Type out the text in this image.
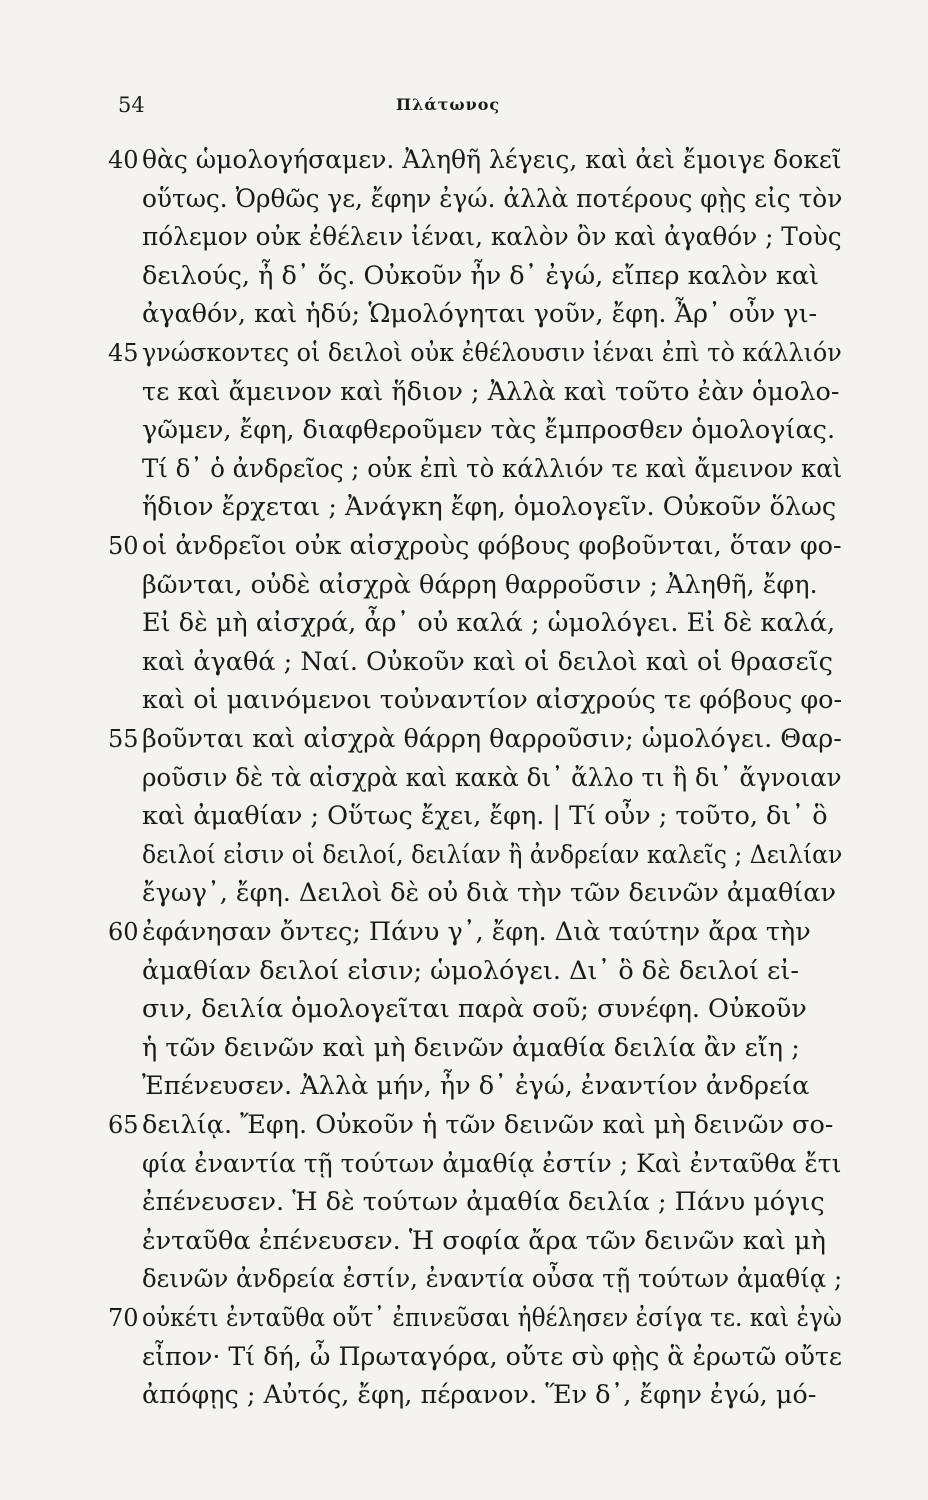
54	Πλάτωνος
40 θὰς ὡμολογήσαμεν. Ἀληθῆ λέγεις, καὶ ἀεὶ ἔμοιγε δοκεῖ
οὕτως. Ὀρθῶς γε, ἔφην ἐγώ. ἀλλὰ ποτέρους φῂς εἰς τὸν
πόλεμον οὐκ ἐθέλειν ἰέναι, καλὸν ὂν καὶ ἀγαθόν ; Τοὺς
δειλούς, ἦ δ᾽ ὅς. Οὐκοῦν ἦν δ᾽ ἐγώ, εἴπερ καλὸν καὶ
ἀγαθόν, καὶ ἡδύ; Ὡμολόγηται γοῦν, ἔφη. Ἆρ᾽ οὖν γι-
45 γνώσκοντες οἱ δειλοὶ οὐκ ἐθέλουσιν ἰέναι ἐπὶ τὸ κάλλιόν
τε καὶ ἄμεινον καὶ ἥδιον ; Ἀλλὰ καὶ τοῦτο ἐὰν ὁμολο-
γῶμεν, ἔφη, διαφθεροῦμεν τὰς ἔμπροσθεν ὁμολογίας.
Τί δ᾽ ὁ ἀνδρεῖος ; οὐκ ἐπὶ τὸ κάλλιόν τε καὶ ἄμεινον καὶ
ἥδιον ἔρχεται ; Ἀνάγκη ἔφη, ὁμολογεῖν. Οὐκοῦν ὅλως
50 οἱ ἀνδρεῖοι οὐκ αἰσχροὺς φόβους φοβοῦνται, ὅταν φο-
βῶνται, οὐδὲ αἰσχρὰ θάρρη θαρροῦσιν ; Ἀληθῆ, ἔφη.
Εἰ δὲ μὴ αἰσχρά, ἆρ᾽ οὐ καλά ; ὡμολόγει. Εἰ δὲ καλά,
καὶ ἀγαθά ; Ναί. Οὐκοῦν καὶ οἱ δειλοὶ καὶ οἱ θρασεῖς
καὶ οἱ μαινόμενοι τοὐναντίον αἰσχρούς τε φόβους φο-
55 βοῦνται καὶ αἰσχρὰ θάρρη θαρροῦσιν; ὡμολόγει. Θαρ-
ροῦσιν δὲ τὰ αἰσχρὰ καὶ κακὰ δι᾽ ἄλλο τι ἢ δι᾽ ἄγνοιαν
καὶ ἀμαθίαν ; Οὕτως ἔχει, ἔφη. | Τί οὖν ; τοῦτο, δι᾽ ὃ
δειλοί εἰσιν οἱ δειλοί, δειλίαν ἢ ἀνδρείαν καλεῖς ; Δειλίαν
ἔγωγ᾽, ἔφη. Δειλοὶ δὲ οὐ διὰ τὴν τῶν δεινῶν ἀμαθίαν
60 ἐφάνησαν ὄντες; Πάνυ γ᾽, ἔφη. Διὰ ταύτην ἄρα τὴν
ἀμαθίαν δειλοί εἰσιν; ὡμολόγει. Δι᾽ ὃ δὲ δειλοί εἰ-
σιν, δειλία ὁμολογεῖται παρὰ σοῦ; συνέφη. Οὐκοῦν
ἡ τῶν δεινῶν καὶ μὴ δεινῶν ἀμαθία δειλία ἂν εἴη ;
Ἐπένευσεν. Ἀλλὰ μήν, ἦν δ᾽ ἐγώ, ἐναντίον ἀνδρεία
65 δειλίᾳ. Ἔφη. Οὐκοῦν ἡ τῶν δεινῶν καὶ μὴ δεινῶν σο-
φία ἐναντία τῇ τούτων ἀμαθίᾳ ἐστίν ; Καὶ ἐνταῦθα ἔτι
ἐπένευσεν. Ἡ δὲ τούτων ἀμαθία δειλία ; Πάνυ μόγις
ἐνταῦθα ἐπένευσεν. Ἡ σοφία ἄρα τῶν δεινῶν καὶ μὴ
δεινῶν ἀνδρεία ἐστίν, ἐναντία οὖσα τῇ τούτων ἀμαθίᾳ ;
70 οὐκέτι ἐνταῦθα οὔτ᾽ ἐπινεῦσαι ἠθέλησεν ἐσίγα τε. καὶ ἐγὼ
εἶπον· Τί δή, ὦ Πρωταγόρα, οὔτε σὺ φῂς ἃ ἐρωτῶ οὔτε
ἀπόφῃς ; Αὐτός, ἔφη, πέρανον. Ἕν δ᾽, ἔφην ἐγώ, μό-
